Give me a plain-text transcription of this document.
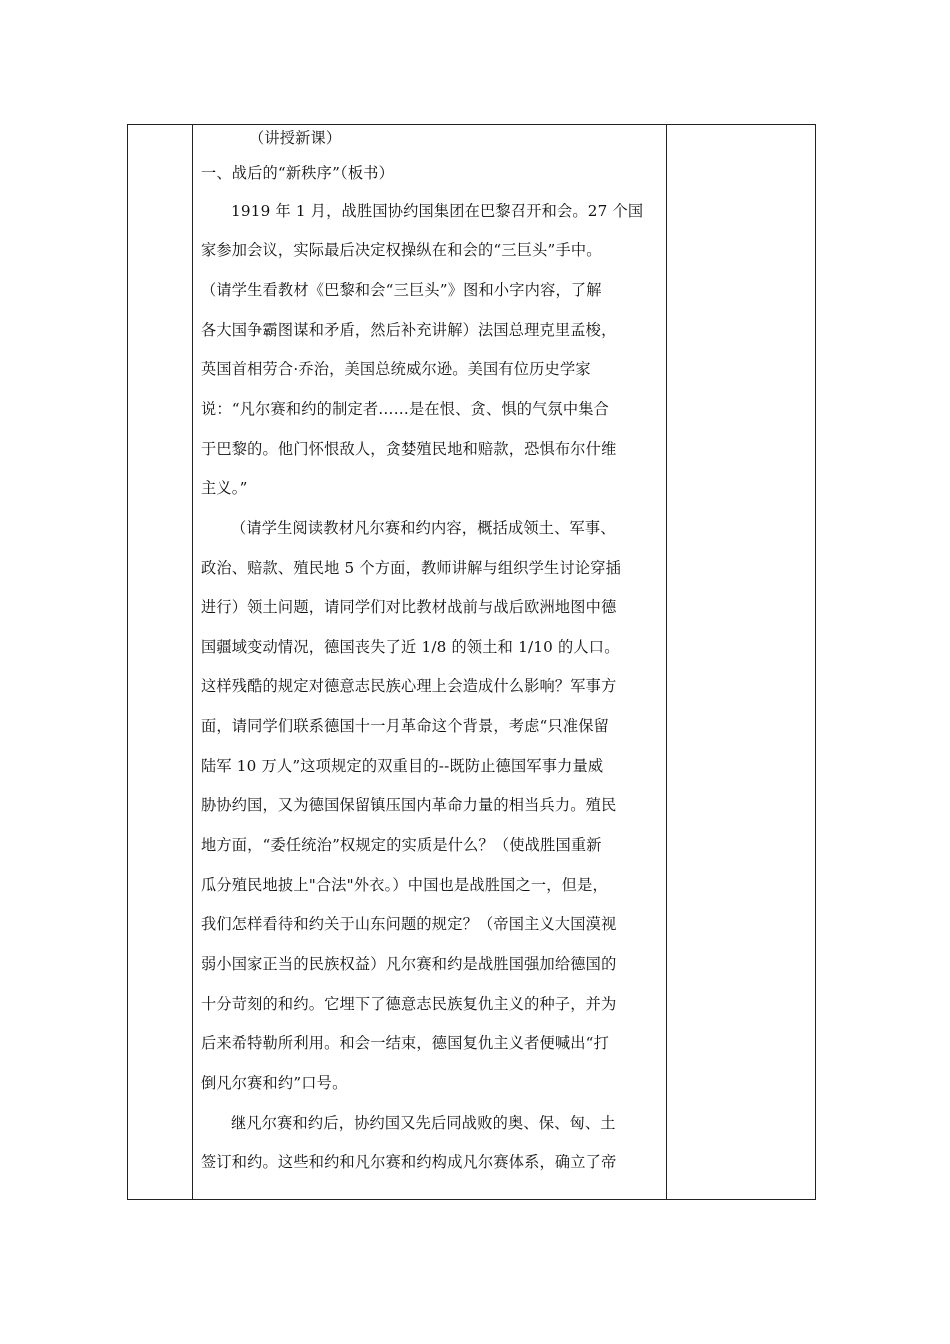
（讲授新课）
一、战后的“新秩序”（板书）
1919 年 1 月，战胜国协约国集团在巴黎召开和会。27 个国
家参加会议，实际最后决定权操纵在和会的“三巨头”手中。
（请学生看教材《巴黎和会“三巨头”》图和小字内容，了解
各大国争霸图谋和矛盾，然后补充讲解）法国总理克里孟梭，
英国首相劳合·乔治，美国总统威尔逊。美国有位历史学家
说：“凡尔赛和约的制定者……是在恨、贪、惧的气氛中集合
于巴黎的。他门怀恨敌人，贪婪殖民地和赔款，恐惧布尔什维
主义。”
（请学生阅读教材凡尔赛和约内容，概括成领土、军事、
政治、赔款、殖民地 5 个方面，教师讲解与组织学生讨论穿插
进行）领土问题，请同学们对比教材战前与战后欧洲地图中德
国疆域变动情况，德国丧失了近 1/8 的领土和 1/10 的人口。
这样残酷的规定对德意志民族心理上会造成什么影响？军事方
面，请同学们联系德国十一月革命这个背景，考虑“只准保留
陆军 10 万人”这项规定的双重目的--既防止德国军事力量威
胁协约国，又为德国保留镇压国内革命力量的相当兵力。殖民
地方面，“委任统治”权规定的实质是什么？（使战胜国重新
瓜分殖民地披上"合法"外衣。）中国也是战胜国之一，但是，
我们怎样看待和约关于山东问题的规定？（帝国主义大国漠视
弱小国家正当的民族权益）凡尔赛和约是战胜国强加给德国的
十分苛刻的和约。它埋下了德意志民族复仇主义的种子，并为
后来希特勒所利用。和会一结束，德国复仇主义者便喊出“打
倒凡尔赛和约”口号。
继凡尔赛和约后，协约国又先后同战败的奥、保、匈、土
签订和约。这些和约和凡尔赛和约构成凡尔赛体系，确立了帝
